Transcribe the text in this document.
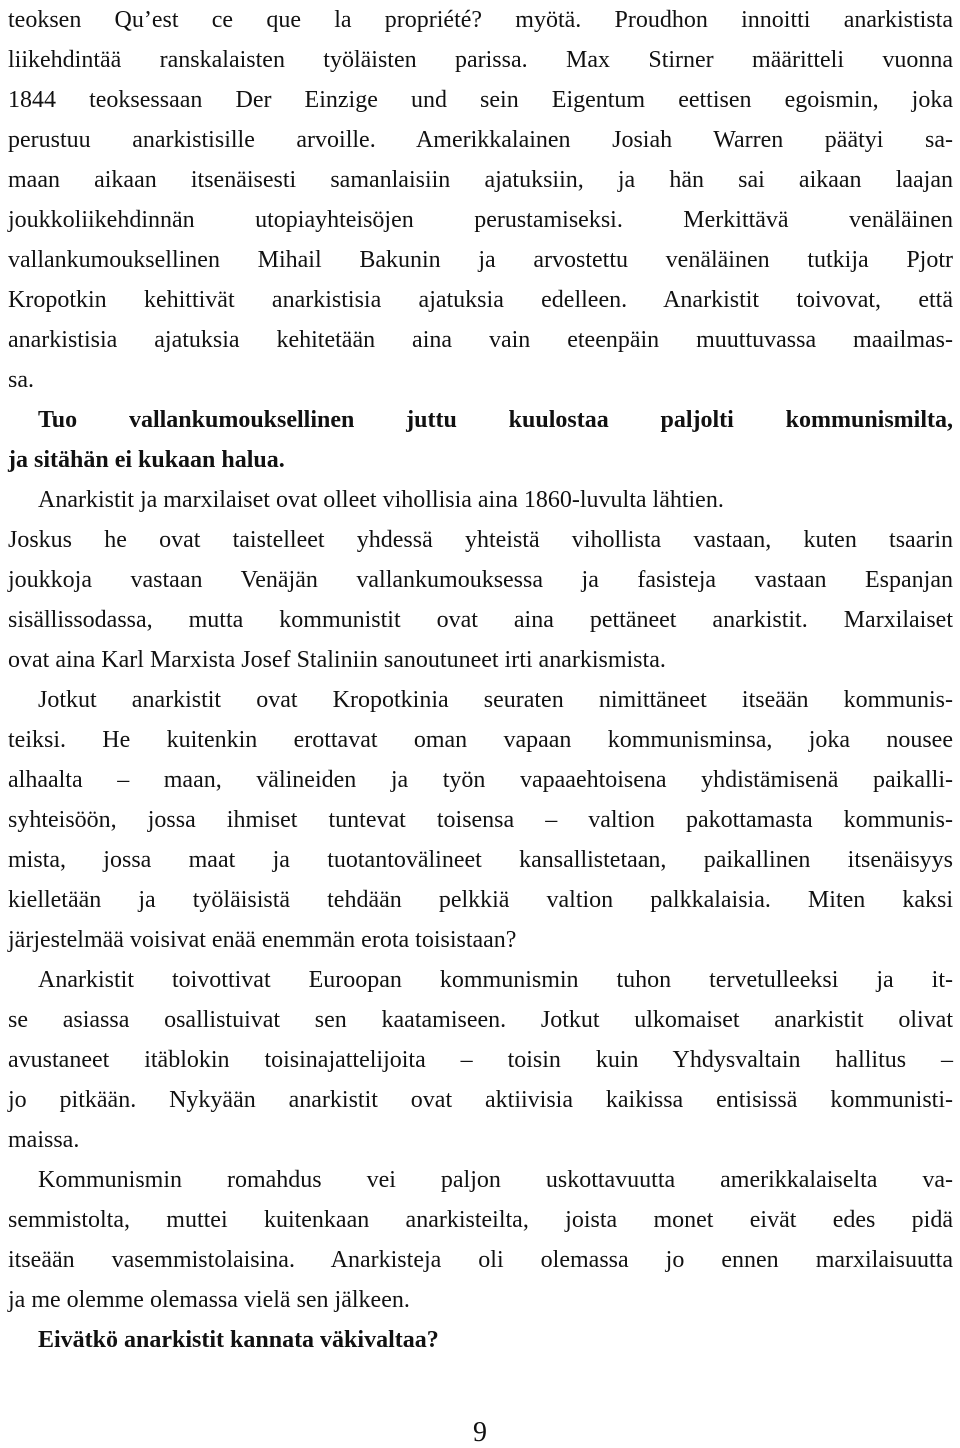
teoksen Qu’est ce que la propriété? myötä. Proudhon innoitti anarkistista
liikehdintää ranskalaisten työläisten parissa. Max Stirner määritteli vuonna
1844 teoksessaan Der Einzige und sein Eigentum eettisen egoismin, joka
perustuu anarkistisille arvoille. Amerikkalainen Josiah Warren päätyi sa-
maan aikaan itsenäisesti samanlaisiin ajatuksiin, ja hän sai aikaan laajan
joukkoliikehdinnän utopiayhteisöjen perustamiseksi. Merkittävä venäläinen
vallankumouksellinen Mihail Bakunin ja arvostettu venäläinen tutkija Pjotr
Kropotkin kehittivät anarkistisia ajatuksia edelleen. Anarkistit toivovat, että
anarkistisia ajatuksia kehitetään aina vain eteenpäin muuttuvassa maailmas-
sa.
Tuo vallankumouksellinen juttu kuulostaa paljolti kommunismilta,
ja sitähän ei kukaan halua.
Anarkistit ja marxilaiset ovat olleet vihollisia aina 1860-luvulta lähtien.
Joskus he ovat taistelleet yhdessä yhteistä vihollista vastaan, kuten tsaarin
joukkoja vastaan Venäjän vallankumouksessa ja fasisteja vastaan Espanjan
sisällissodassa, mutta kommunistit ovat aina pettäneet anarkistit. Marxilaiset
ovat aina Karl Marxista Josef Staliniin sanoutuneet irti anarkismista.
Jotkut anarkistit ovat Kropotkinia seuraten nimittäneet itseään kommunis-
teiksi. He kuitenkin erottavat oman vapaan kommunisminsa, joka nousee
alhaalta – maan, välineiden ja työn vapaaehtoisena yhdistämisenä paikalli-
syhteisöön, jossa ihmiset tuntevat toisensa – valtion pakottamasta kommunis-
mista, jossa maat ja tuotantovälineet kansallistetaan, paikallinen itsenäisyys
kielletään ja työläisistä tehdään pelkkiä valtion palkkalaisia. Miten kaksi
järjestelmää voisivat enää enemmän erota toisistaan?
Anarkistit toivottivat Euroopan kommunismin tuhon tervetulleeksi ja it-
se asiassa osallistuivat sen kaatamiseen. Jotkut ulkomaiset anarkistit olivat
avustaneet itäblokin toisinajattelijoita – toisin kuin Yhdysvaltain hallitus –
jo pitkään. Nykyään anarkistit ovat aktiivisia kaikissa entisissä kommunisti-
maissa.
Kommunismin romahdus vei paljon uskottavuutta amerikkalaiselta va-
semmistolta, muttei kuitenkaan anarkisteilta, joista monet eivät edes pidä
itseään vasemmistolaisina. Anarkisteja oli olemassa jo ennen marxilaisuutta
ja me olemme olemassa vielä sen jälkeen.
Eivätkö anarkistit kannata väkivaltaa?
9
